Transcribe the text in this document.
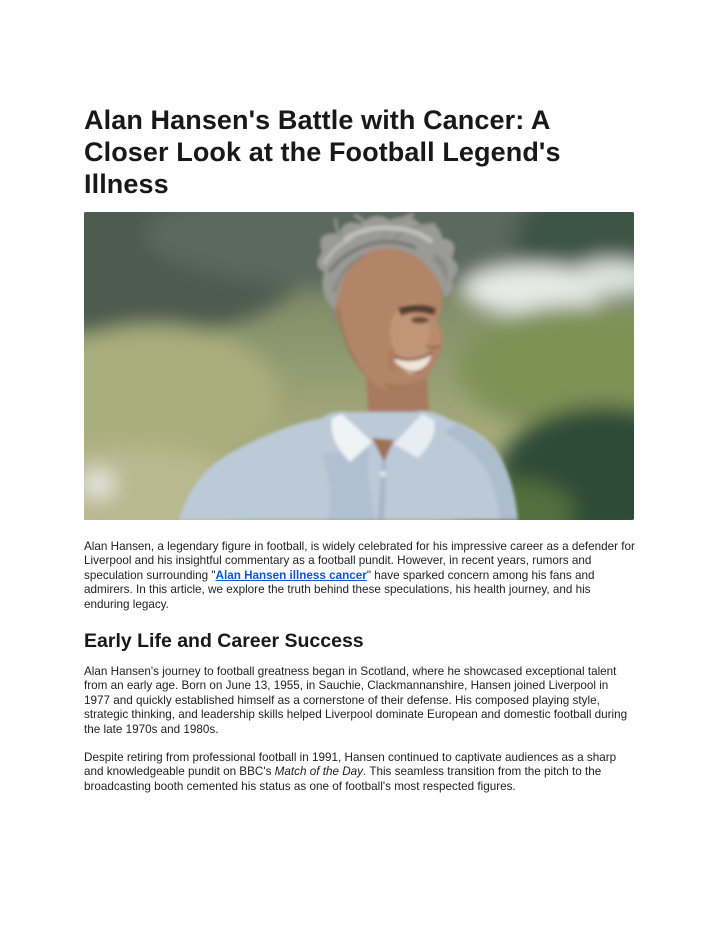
Alan Hansen's Battle with Cancer: A Closer Look at the Football Legend's Illness

Alan Hansen, a legendary figure in football, is widely celebrated for his impressive career as a defender for Liverpool and his insightful commentary as a football pundit. However, in recent years, rumors and speculation surrounding "Alan Hansen illness cancer" have sparked concern among his fans and admirers. In this article, we explore the truth behind these speculations, his health journey, and his enduring legacy.

Early Life and Career Success

Alan Hansen's journey to football greatness began in Scotland, where he showcased exceptional talent from an early age. Born on June 13, 1955, in Sauchie, Clackmannanshire, Hansen joined Liverpool in 1977 and quickly established himself as a cornerstone of their defense. His composed playing style, strategic thinking, and leadership skills helped Liverpool dominate European and domestic football during the late 1970s and 1980s.

Despite retiring from professional football in 1991, Hansen continued to captivate audiences as a sharp and knowledgeable pundit on BBC's Match of the Day. This seamless transition from the pitch to the broadcasting booth cemented his status as one of football's most respected figures.
